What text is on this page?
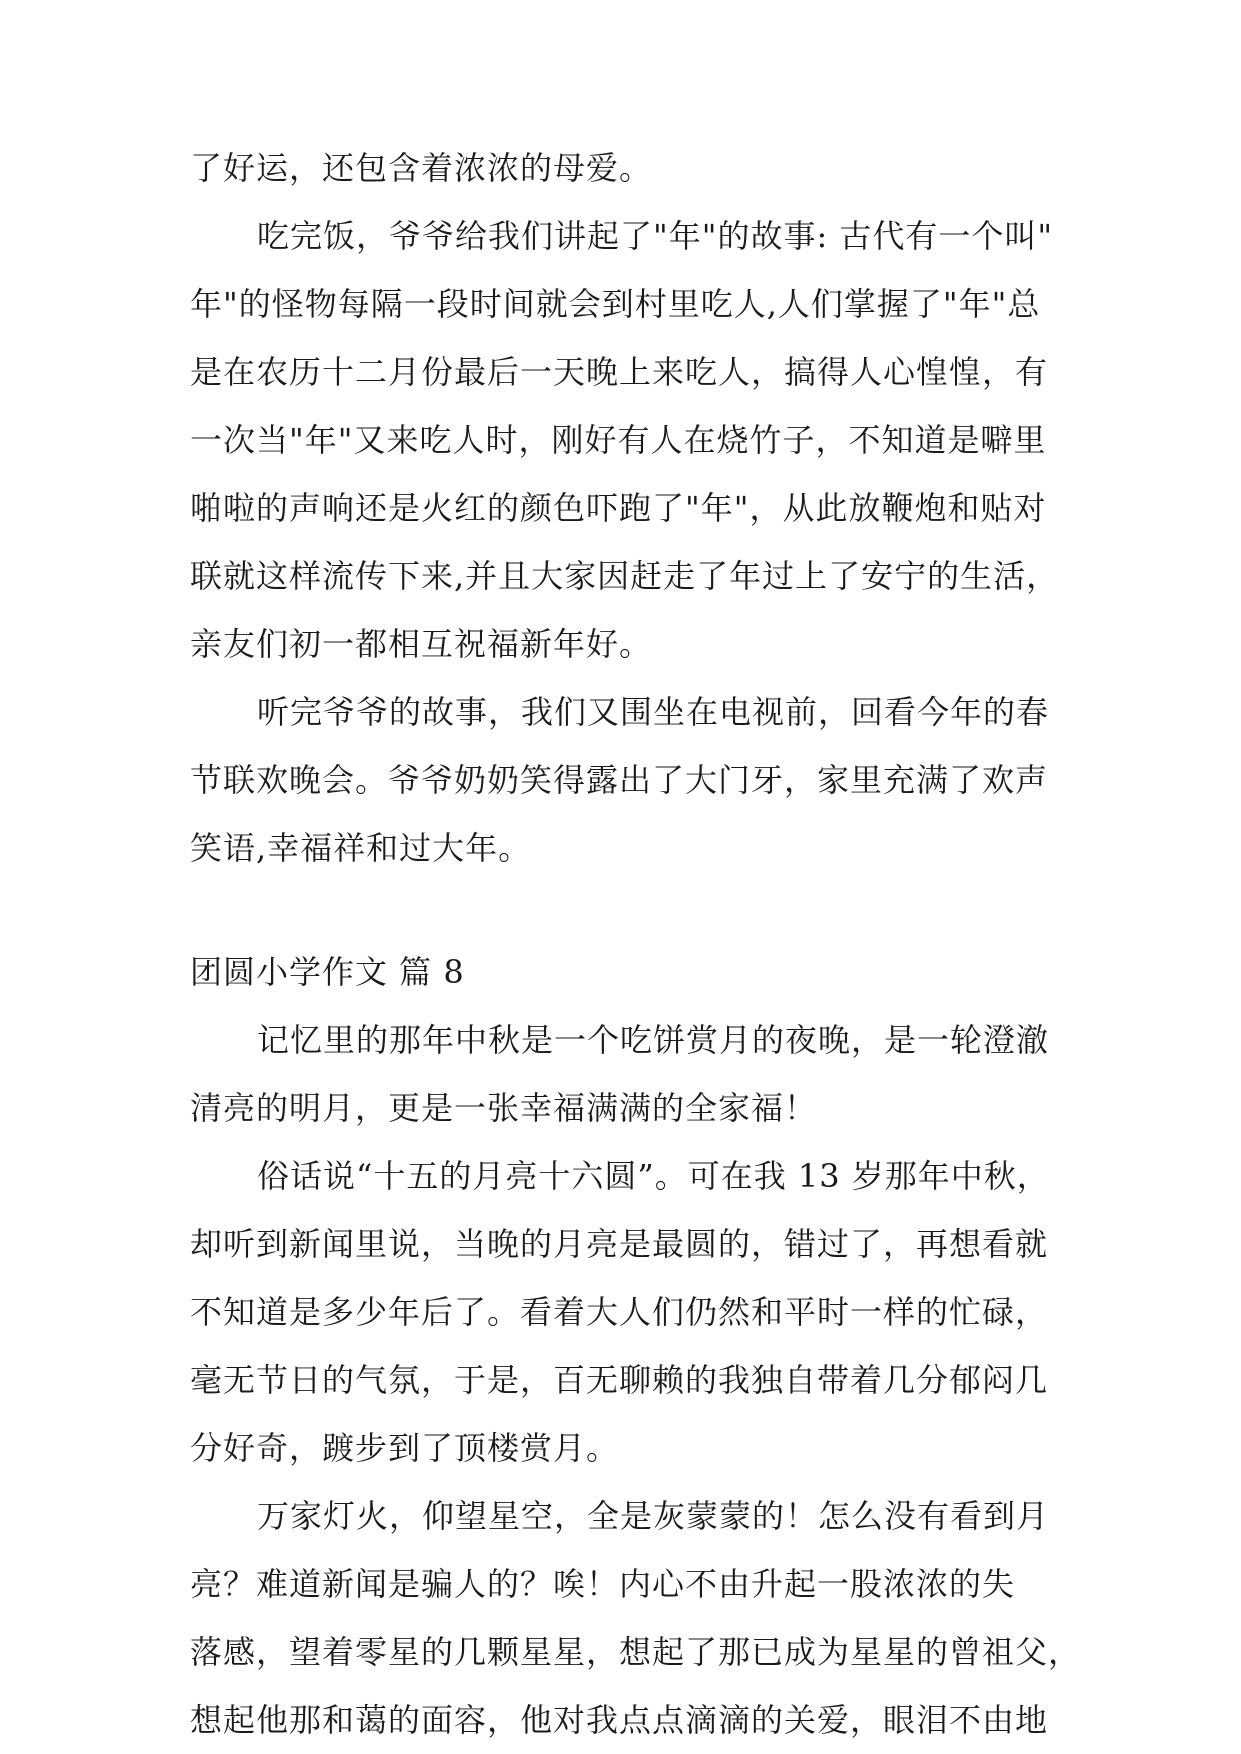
了好运，还包含着浓浓的母爱。
吃完饭，爷爷给我们讲起了"年"的故事: 古代有一个叫"
年"的怪物每隔一段时间就会到村里吃人,人们掌握了"年"总
是在农历十二月份最后一天晚上来吃人，搞得人心惶惶，有
一次当"年"又来吃人时，刚好有人在烧竹子，不知道是噼里
啪啦的声响还是火红的颜色吓跑了"年"，从此放鞭炮和贴对
联就这样流传下来,并且大家因赶走了年过上了安宁的生活，
亲友们初一都相互祝福新年好。
听完爷爷的故事，我们又围坐在电视前，回看今年的春
节联欢晚会。爷爷奶奶笑得露出了大门牙，家里充满了欢声
笑语,幸福祥和过大年。
团圆小学作文 篇 8
记忆里的那年中秋是一个吃饼赏月的夜晚，是一轮澄澈
清亮的明月，更是一张幸福满满的全家福！
俗话说“十五的月亮十六圆”。可在我 13 岁那年中秋，
却听到新闻里说，当晚的月亮是最圆的，错过了，再想看就
不知道是多少年后了。看着大人们仍然和平时一样的忙碌，
毫无节日的气氛，于是，百无聊赖的我独自带着几分郁闷几
分好奇，踱步到了顶楼赏月。
万家灯火，仰望星空，全是灰蒙蒙的！怎么没有看到月
亮？难道新闻是骗人的？唉！内心不由升起一股浓浓的失
落感，望着零星的几颗星星，想起了那已成为星星的曾祖父，
想起他那和蔼的面容，他对我点点滴滴的关爱，眼泪不由地
